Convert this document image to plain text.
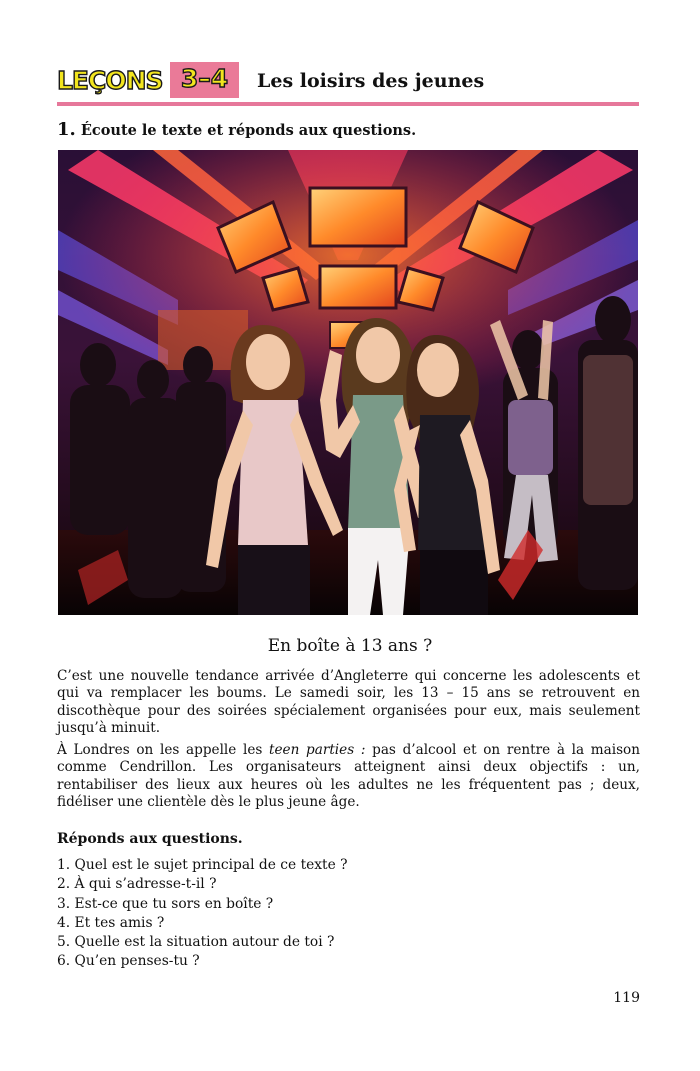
LEÇONS 3–4	Les loisirs des jeunes
1. Écoute le texte et réponds aux questions.
En boîte à 13 ans ?

C’est une nouvelle tendance arrivée d’Angleterre qui concerne les adolescents et qui va remplacer les boums. Le samedi soir, les 13 – 15 ans se retrouvent en discothèque pour des soirées spécialement organisées pour eux, mais seulement jusqu’à minuit.

À Londres on les appelle les teen parties : pas d’alcool et on rentre à la maison comme Cendrillon. Les organisateurs atteignent ainsi deux objectifs : un, rentabiliser des lieux aux heures où les adultes ne les fréquentent pas ; deux, fidéliser une clientèle dès le plus jeune âge.

Réponds aux questions.
1. Quel est le sujet principal de ce texte ?
2. À qui s’adresse-t-il ?
3. Est-ce que tu sors en boîte ?
4. Et tes amis ?
5. Quelle est la situation autour de toi ?
6. Qu’en penses-tu ?
119
